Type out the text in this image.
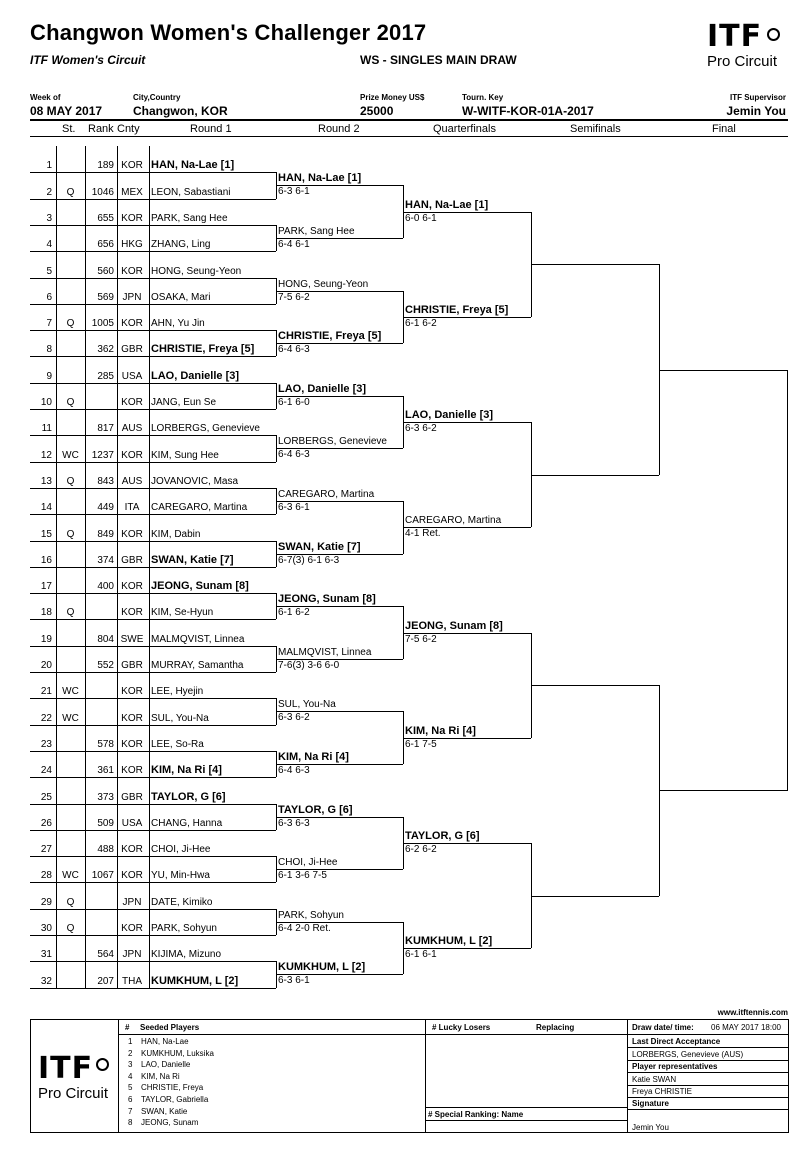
Changwon Women's Challenger 2017
ITF Women's Circuit	WS - SINGLES MAIN DRAW
ITF
Pro Circuit
Week of
08 MAY 2017
City,Country
Changwon, KOR
Prize Money US$
25000
Tourn. Key
W-WITF-KOR-01A-2017
ITF Supervisor
Jemin You
St. Rank Cnty	Round 1	Round 2	Quarterfinals	Semifinals	Final
1	189 KOR HAN, Na-Lae [1]
2	Q	1046 MEX LEON, Sabastiani
3	655 KOR PARK, Sang Hee
4	656 HKG ZHANG, Ling
5	560 KOR HONG, Seung-Yeon
6	569 JPN OSAKA, Mari
7	Q	1005 KOR AHN, Yu Jin
8	362 GBR CHRISTIE, Freya [5]
9	285 USA LAO, Danielle [3]
10	Q	KOR JANG, Eun Se
11	817 AUS LORBERGS, Genevieve
12	WC	1237 KOR KIM, Sung Hee
13	Q	843 AUS JOVANOVIC, Masa
14	449	ITA	CAREGARO, Martina
15	Q	849 KOR KIM, Dabin
16	374 GBR SWAN, Katie [7]
17	400 KOR JEONG, Sunam [8]
18	Q	KOR KIM, Se-Hyun
19	804 SWE MALMQVIST, Linnea
20	552 GBR MURRAY, Samantha
21	WC	KOR LEE, Hyejin
22	WC	KOR SUL, You-Na
23	578 KOR LEE, So-Ra
24	361 KOR KIM, Na Ri [4]
25	373 GBR TAYLOR, G [6]
26	509 USA CHANG, Hanna
27	488 KOR CHOI, Ji-Hee
28	WC	1067 KOR YU, Min-Hwa
29	Q	JPN DATE, Kimiko
30	Q	KOR PARK, Sohyun
31	564 JPN KIJIMA, Mizuno
32	207 THA KUMKHUM, L [2]
HAN, Na-Lae [1]
6-3 6-1
PARK, Sang Hee
6-4 6-1
HONG, Seung-Yeon
7-5 6-2
CHRISTIE, Freya [5]
6-4 6-3
LAO, Danielle [3]
6-1 6-0
LORBERGS, Genevieve
6-4 6-3
CAREGARO, Martina
6-3 6-1
SWAN, Katie [7]
6-7(3) 6-1 6-3
JEONG, Sunam [8]
6-1 6-2
MALMQVIST, Linnea
7-6(3) 3-6 6-0
SUL, You-Na
6-3 6-2
KIM, Na Ri [4]
6-4 6-3
TAYLOR, G [6]
6-3 6-3
CHOI, Ji-Hee
6-1 3-6 7-5
PARK, Sohyun
6-4 2-0 Ret.
KUMKHUM, L [2]
6-3 6-1
HAN, Na-Lae [1]
6-0 6-1
CHRISTIE, Freya [5]
6-1 6-2
LAO, Danielle [3]
6-3 6-2
CAREGARO, Martina
4-1 Ret.
JEONG, Sunam [8]
7-5 6-2
KIM, Na Ri [4]
6-1 7-5
TAYLOR, G [6]
6-2 6-2
KUMKHUM, L [2]
6-1 6-1
www.itftennis.com
ITF
Pro Circuit
# Seeded Players
1 HAN, Na-Lae
2 KUMKHUM, Luksika
3 LAO, Danielle
4 KIM, Na Ri
5 CHRISTIE, Freya
6 TAYLOR, Gabriella
7 SWAN, Katie
8 JEONG, Sunam
# Lucky Losers	Replacing
# Special Ranking: Name
Draw date/ time: 06 MAY 2017 18:00
Last Direct Acceptance
LORBERGS, Genevieve (AUS)
Player representatives
Katie SWAN
Freya CHRISTIE
Signature
Jemin You
